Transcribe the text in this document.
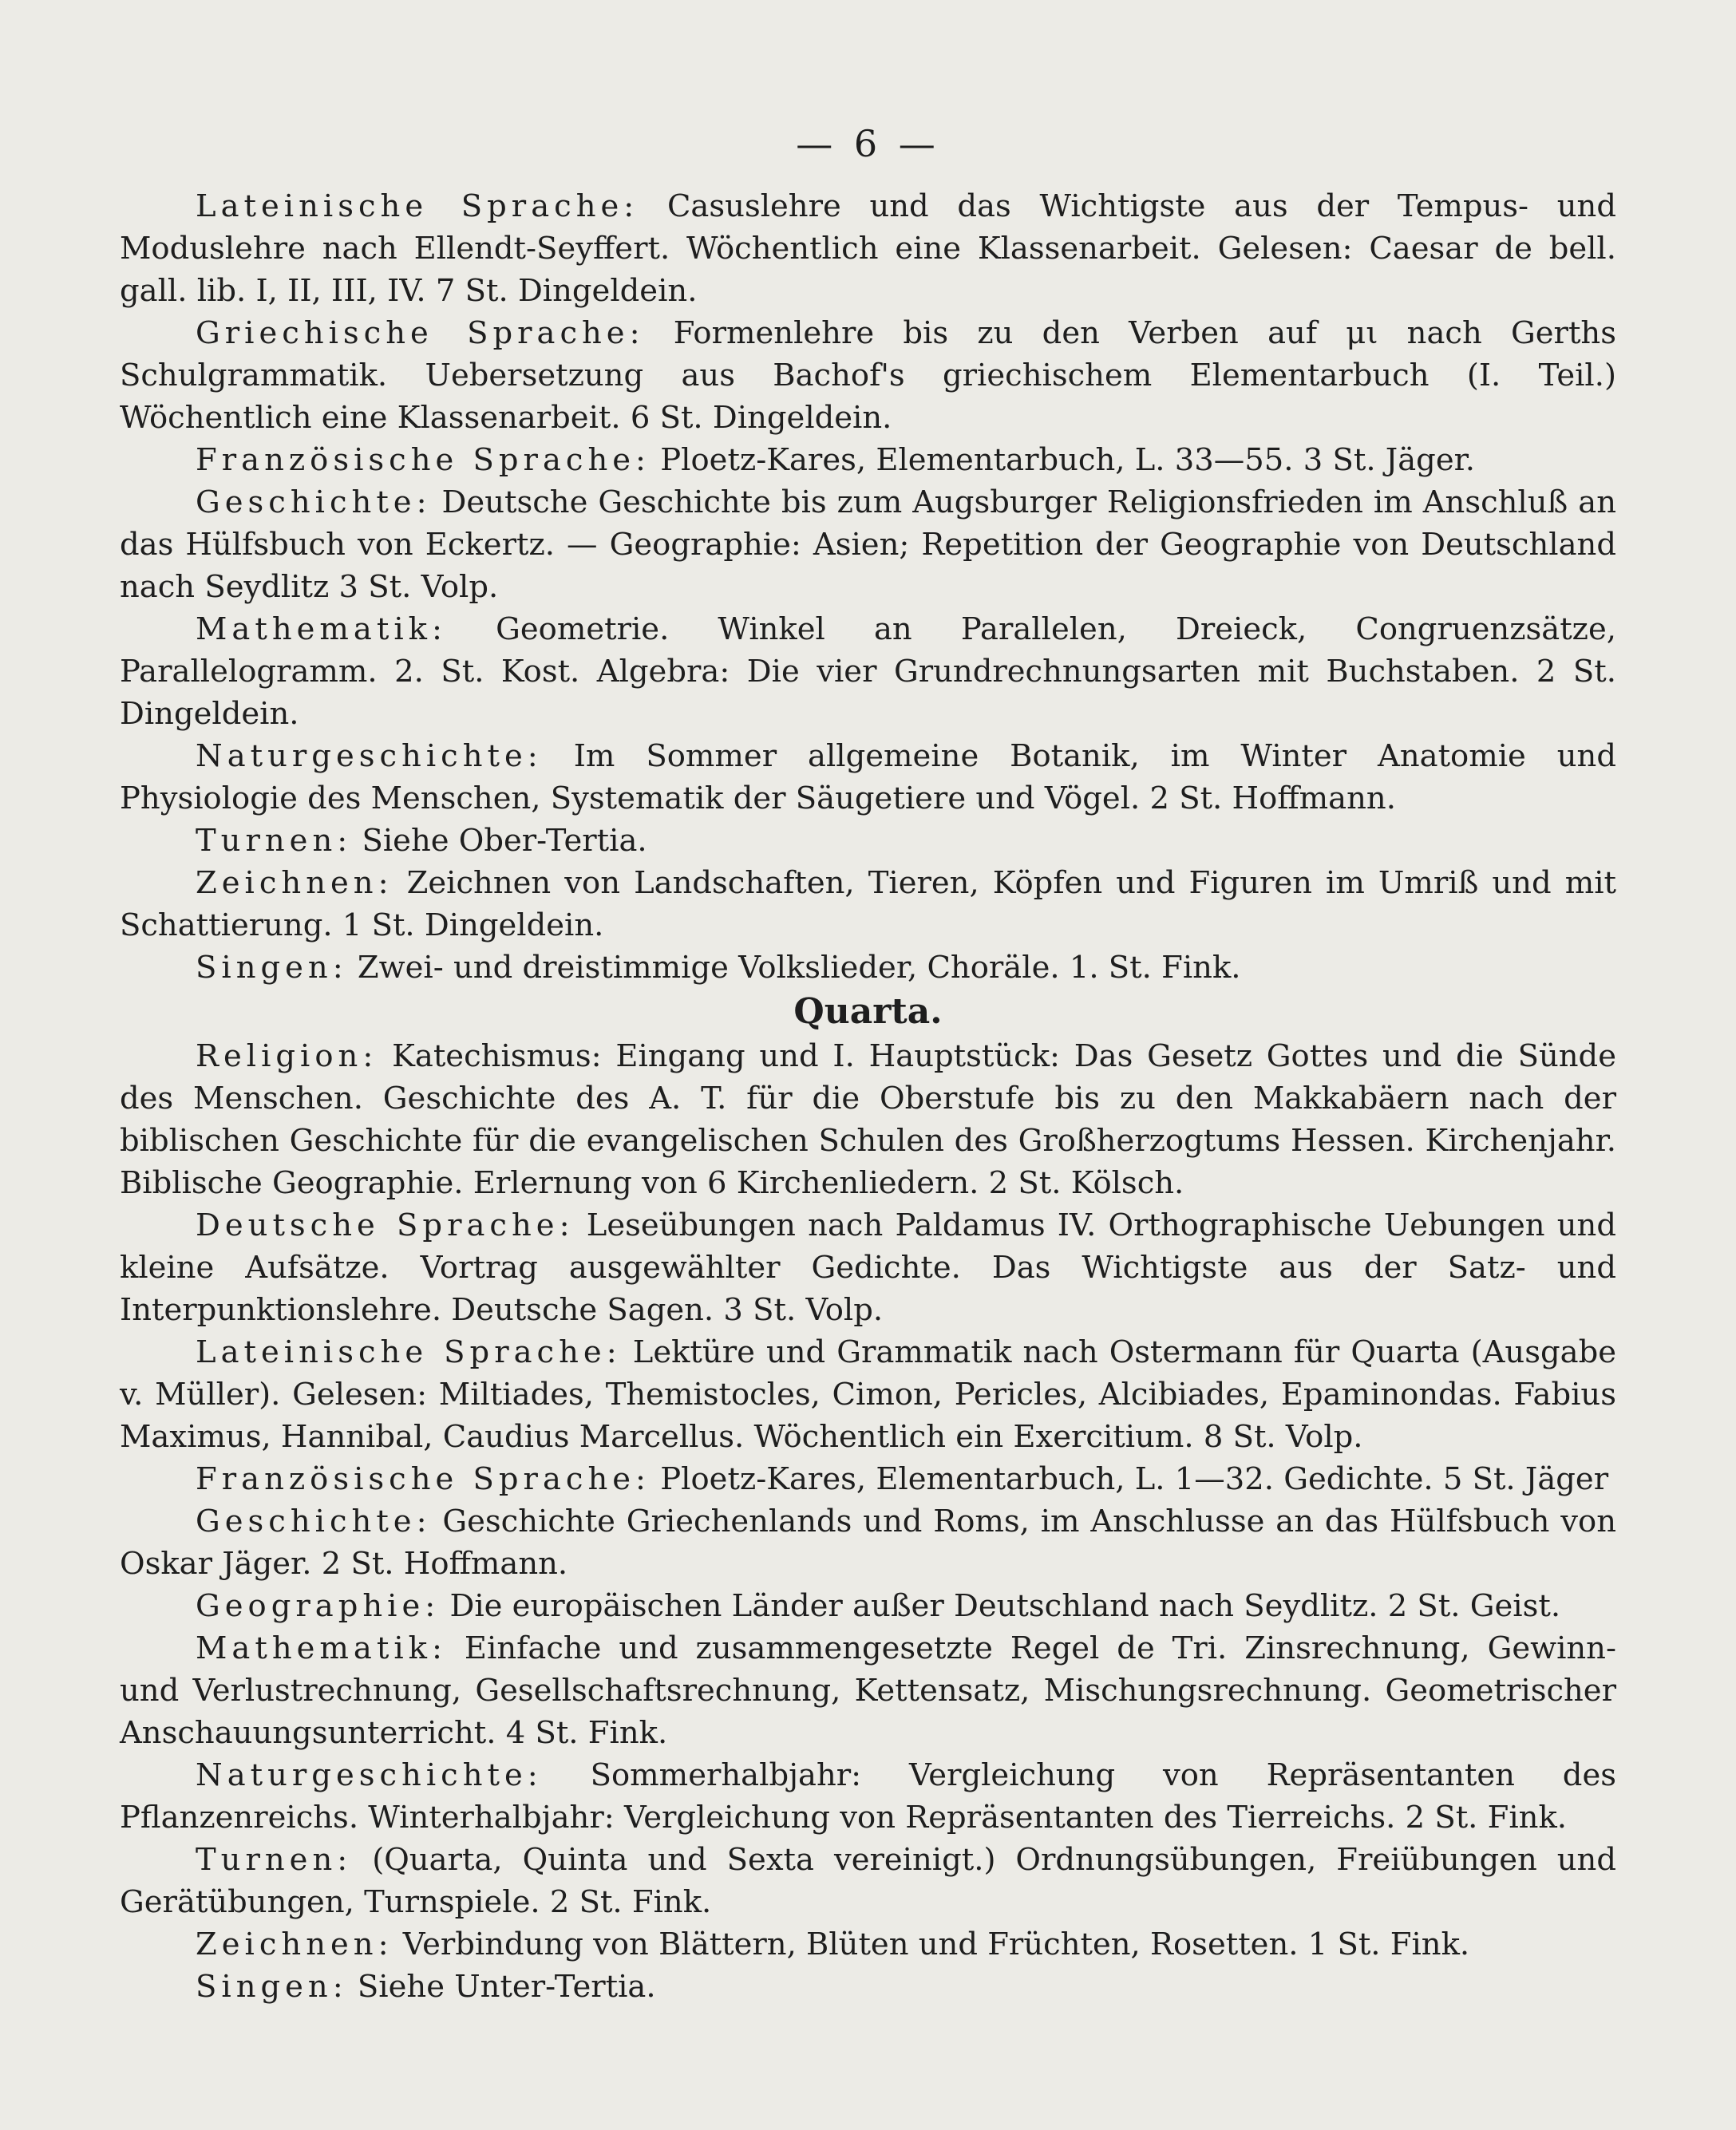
— 6 —

Lateinische Sprache: Casuslehre und das Wichtigste aus der Tempus- und Moduslehre nach Ellendt-Seyffert. Wöchentlich eine Klassenarbeit. Gelesen: Caesar de bell. gall. lib. I, II, III, IV. 7 St. Dingeldein.

Griechische Sprache: Formenlehre bis zu den Verben auf μι nach Gerths Schulgrammatik. Uebersetzung aus Bachof's griechischem Elementarbuch (I. Teil.) Wöchentlich eine Klassenarbeit. 6 St. Dingeldein.

Französische Sprache: Ploetz-Kares, Elementarbuch, L. 33—55. 3 St. Jäger.

Geschichte: Deutsche Geschichte bis zum Augsburger Religionsfrieden im Anschluß an das Hülfsbuch von Eckertz. — Geographie: Asien; Repetition der Geographie von Deutschland nach Seydlitz 3 St. Volp.

Mathematik: Geometrie. Winkel an Parallelen, Dreieck, Congruenzsätze, Parallelogramm. 2. St. Kost. Algebra: Die vier Grundrechnungsarten mit Buchstaben. 2 St. Dingeldein.

Naturgeschichte: Im Sommer allgemeine Botanik, im Winter Anatomie und Physiologie des Menschen, Systematik der Säugetiere und Vögel. 2 St. Hoffmann.

Turnen: Siehe Ober-Tertia.

Zeichnen: Zeichnen von Landschaften, Tieren, Köpfen und Figuren im Umriß und mit Schattierung. 1 St. Dingeldein.

Singen: Zwei- und dreistimmige Volkslieder, Choräle. 1. St. Fink.

Quarta.

Religion: Katechismus: Eingang und I. Hauptstück: Das Gesetz Gottes und die Sünde des Menschen. Geschichte des A. T. für die Oberstufe bis zu den Makkabäern nach der biblischen Geschichte für die evangelischen Schulen des Großherzogtums Hessen. Kirchenjahr. Biblische Geographie. Erlernung von 6 Kirchenliedern. 2 St. Kölsch.

Deutsche Sprache: Leseübungen nach Paldamus IV. Orthographische Uebungen und kleine Aufsätze. Vortrag ausgewählter Gedichte. Das Wichtigste aus der Satz- und Interpunktionslehre. Deutsche Sagen. 3 St. Volp.

Lateinische Sprache: Lektüre und Grammatik nach Ostermann für Quarta (Ausgabe v. Müller). Gelesen: Miltiades, Themistocles, Cimon, Pericles, Alcibiades, Epaminondas. Fabius Maximus, Hannibal, Caudius Marcellus. Wöchentlich ein Exercitium. 8 St. Volp.

Französische Sprache: Ploetz-Kares, Elementarbuch, L. 1—32. Gedichte. 5 St. Jäger

Geschichte: Geschichte Griechenlands und Roms, im Anschlusse an das Hülfsbuch von Oskar Jäger. 2 St. Hoffmann.

Geographie: Die europäischen Länder außer Deutschland nach Seydlitz. 2 St. Geist.

Mathematik: Einfache und zusammengesetzte Regel de Tri. Zinsrechnung, Gewinn- und Verlustrechnung, Gesellschaftsrechnung, Kettensatz, Mischungsrechnung. Geometrischer Anschauungsunterricht. 4 St. Fink.

Naturgeschichte: Sommerhalbjahr: Vergleichung von Repräsentanten des Pflanzenreichs. Winterhalbjahr: Vergleichung von Repräsentanten des Tierreichs. 2 St. Fink.

Turnen: (Quarta, Quinta und Sexta vereinigt.) Ordnungsübungen, Freiübungen und Gerätübungen, Turnspiele. 2 St. Fink.

Zeichnen: Verbindung von Blättern, Blüten und Früchten, Rosetten. 1 St. Fink.

Singen: Siehe Unter-Tertia.
